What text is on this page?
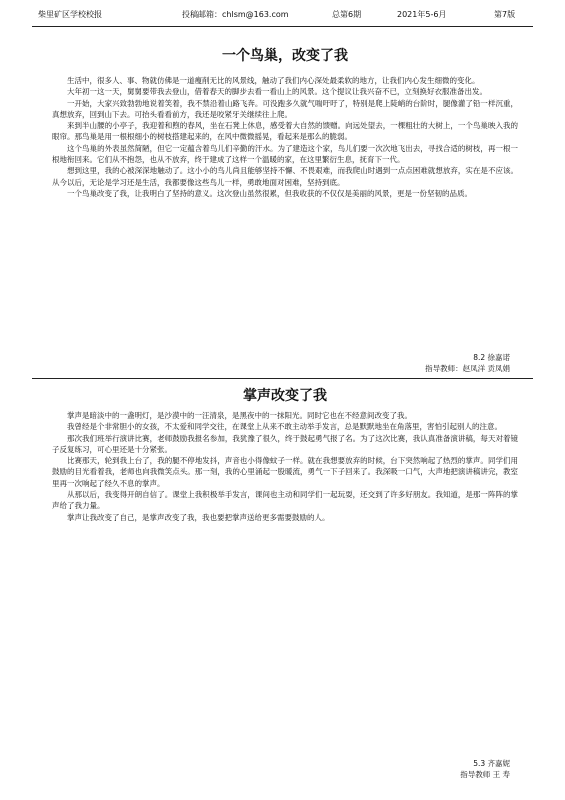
柴里矿区学校校报	投稿邮箱：chlsm@163.com	总第6期	2021年5-6月	第7版
一个鸟巢，改变了我

生活中，很多人、事、物就仿佛是一道瘦削无比的风景线，触动了我们内心深处最柔软的地方，让我们内心发生细微的变化。

大年初一这一天，舅舅要带我去登山，借着春天的脚步去看一看山上的风景。这个提议让我兴奋不已，立刻换好衣服准备出发。

一开始，大家兴致勃勃地说着笑着，我不禁沿着山路飞奔。可没跑多久就气喘吁吁了，特别是爬上陡峭的台阶时，腿像灌了铅一样沉重，真想放弃，回到山下去。可抬头看看前方，我还是咬紧牙关继续往上爬。

来到半山腰的小亭子，我迎着和煦的春风，坐在石凳上休息，感受着大自然的馈赠。向远处望去，一棵粗壮的大树上，一个鸟巢映入我的眼帘。那鸟巢是用一根根细小的树枝搭建起来的，在风中微微摇晃，看起来是那么的脆弱。

这个鸟巢的外表虽然简陋，但它一定蕴含着鸟儿们辛勤的汗水。为了建造这个家，鸟儿们要一次次地飞出去，寻找合适的树枝，再一根一根地衔回来。它们从不抱怨，也从不放弃，终于建成了这样一个温暖的家，在这里繁衍生息，抚育下一代。

想到这里，我的心被深深地触动了。这小小的鸟儿尚且能够坚持不懈、不畏艰难，而我爬山时遇到一点点困难就想放弃，实在是不应该。从今以后，无论是学习还是生活，我都要像这些鸟儿一样，勇敢地面对困难，坚持到底。

一个鸟巢改变了我，让我明白了坚持的意义。这次登山虽然很累，但我收获的不仅仅是美丽的风景，更是一份坚韧的品质。

8.2 徐嘉诺
指导教师：赵凤洋 贡凤娟
掌声改变了我

掌声是暗淡中的一盏明灯，是沙漠中的一汪清泉，是黑夜中的一抹阳光。同时它也在不经意间改变了我。

我曾经是个非常胆小的女孩，不太爱和同学交往，在课堂上从来不敢主动举手发言，总是默默地坐在角落里，害怕引起别人的注意。

那次我们班举行演讲比赛，老师鼓励我报名参加，我犹豫了很久，终于鼓起勇气报了名。为了这次比赛，我认真准备演讲稿，每天对着镜子反复练习，可心里还是十分紧张。

比赛那天，轮到我上台了，我的腿不停地发抖，声音也小得像蚊子一样。就在我想要放弃的时候，台下突然响起了热烈的掌声。同学们用鼓励的目光看着我，老师也向我微笑点头。那一刻，我的心里涌起一股暖流，勇气一下子回来了。我深吸一口气，大声地把演讲稿讲完，教室里再一次响起了经久不息的掌声。

从那以后，我变得开朗自信了。课堂上我积极举手发言，课间也主动和同学们一起玩耍，还交到了许多好朋友。我知道，是那一阵阵的掌声给了我力量。

掌声让我改变了自己，是掌声改变了我，我也要把掌声送给更多需要鼓励的人。

5.3 齐嘉妮
指导教师 王 寿
